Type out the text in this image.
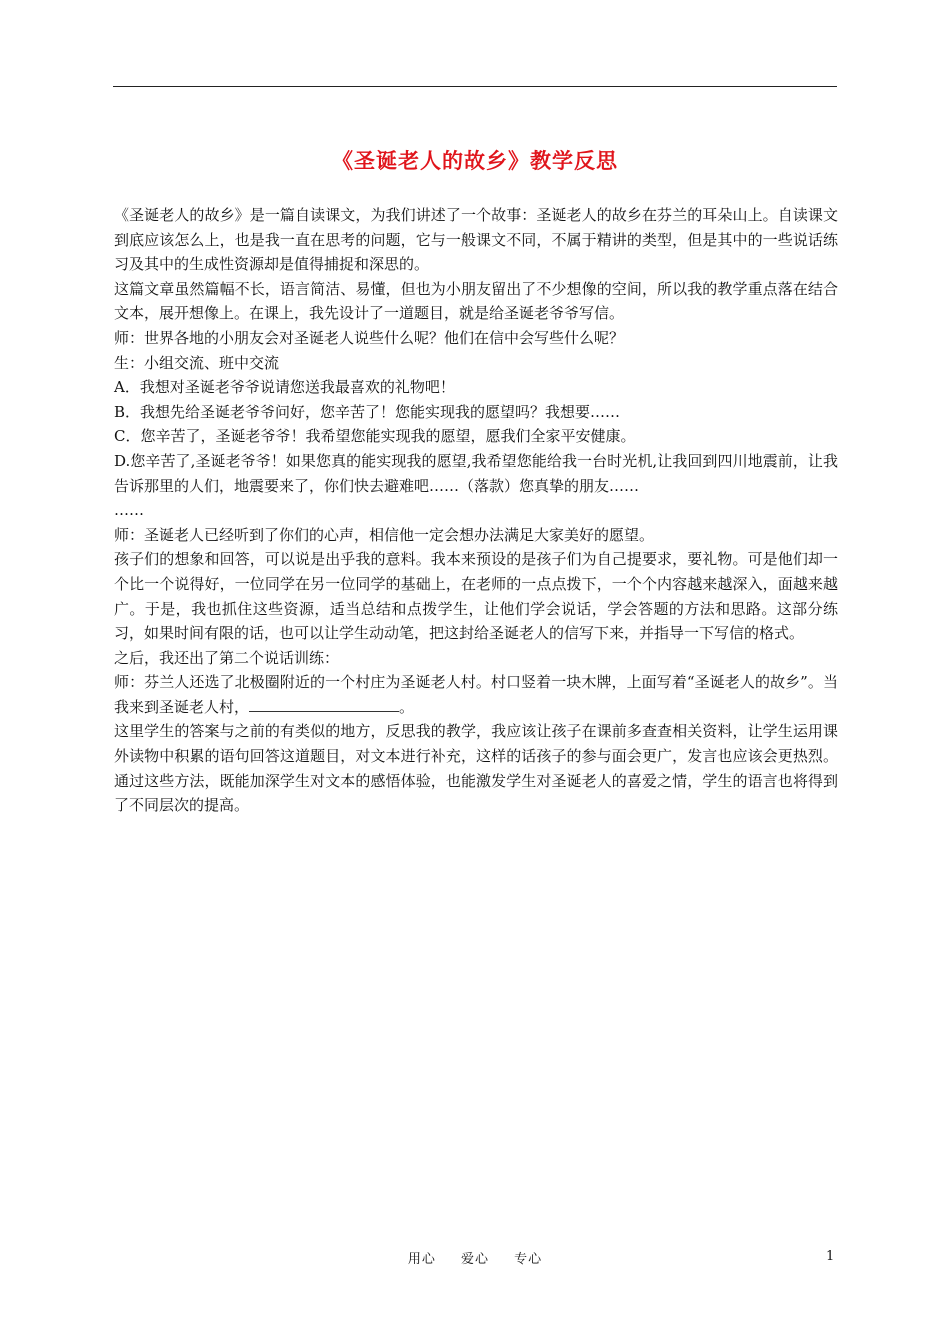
《圣诞老人的故乡》教学反思

《圣诞老人的故乡》是一篇自读课文，为我们讲述了一个故事：圣诞老人的故乡在芬兰的耳朵山上。自读课文到底应该怎么上，也是我一直在思考的问题，它与一般课文不同，不属于精讲的类型，但是其中的一些说话练习及其中的生成性资源却是值得捕捉和深思的。

这篇文章虽然篇幅不长，语言简洁、易懂，但也为小朋友留出了不少想像的空间，所以我的教学重点落在结合文本，展开想像上。在课上，我先设计了一道题目，就是给圣诞老爷爷写信。

师：世界各地的小朋友会对圣诞老人说些什么呢？他们在信中会写些什么呢？

生：小组交流、班中交流

A．我想对圣诞老爷爷说请您送我最喜欢的礼物吧！

B．我想先给圣诞老爷爷问好，您辛苦了！您能实现我的愿望吗？我想要……

C．您辛苦了，圣诞老爷爷！我希望您能实现我的愿望，愿我们全家平安健康。

D.您辛苦了,圣诞老爷爷！如果您真的能实现我的愿望,我希望您能给我一台时光机,让我回到四川地震前，让我告诉那里的人们，地震要来了，你们快去避难吧……（落款）您真挚的朋友……

……

师：圣诞老人已经听到了你们的心声，相信他一定会想办法满足大家美好的愿望。

孩子们的想象和回答，可以说是出乎我的意料。我本来预设的是孩子们为自己提要求，要礼物。可是他们却一个比一个说得好，一位同学在另一位同学的基础上，在老师的一点点拨下，一个个内容越来越深入，面越来越广。于是，我也抓住这些资源，适当总结和点拨学生，让他们学会说话，学会答题的方法和思路。这部分练习，如果时间有限的话，也可以让学生动动笔，把这封给圣诞老人的信写下来，并指导一下写信的格式。

之后，我还出了第二个说话训练：

师：芬兰人还选了北极圈附近的一个村庄为圣诞老人村。村口竖着一块木牌，上面写着“圣诞老人的故乡”。当我来到圣诞老人村，	。

这里学生的答案与之前的有类似的地方，反思我的教学，我应该让孩子在课前多查查相关资料，让学生运用课外读物中积累的语句回答这道题目，对文本进行补充，这样的话孩子的参与面会更广，发言也应该会更热烈。通过这些方法，既能加深学生对文本的感悟体验，也能激发学生对圣诞老人的喜爱之情，学生的语言也将得到了不同层次的提高。

用心 爱心 专心	1
